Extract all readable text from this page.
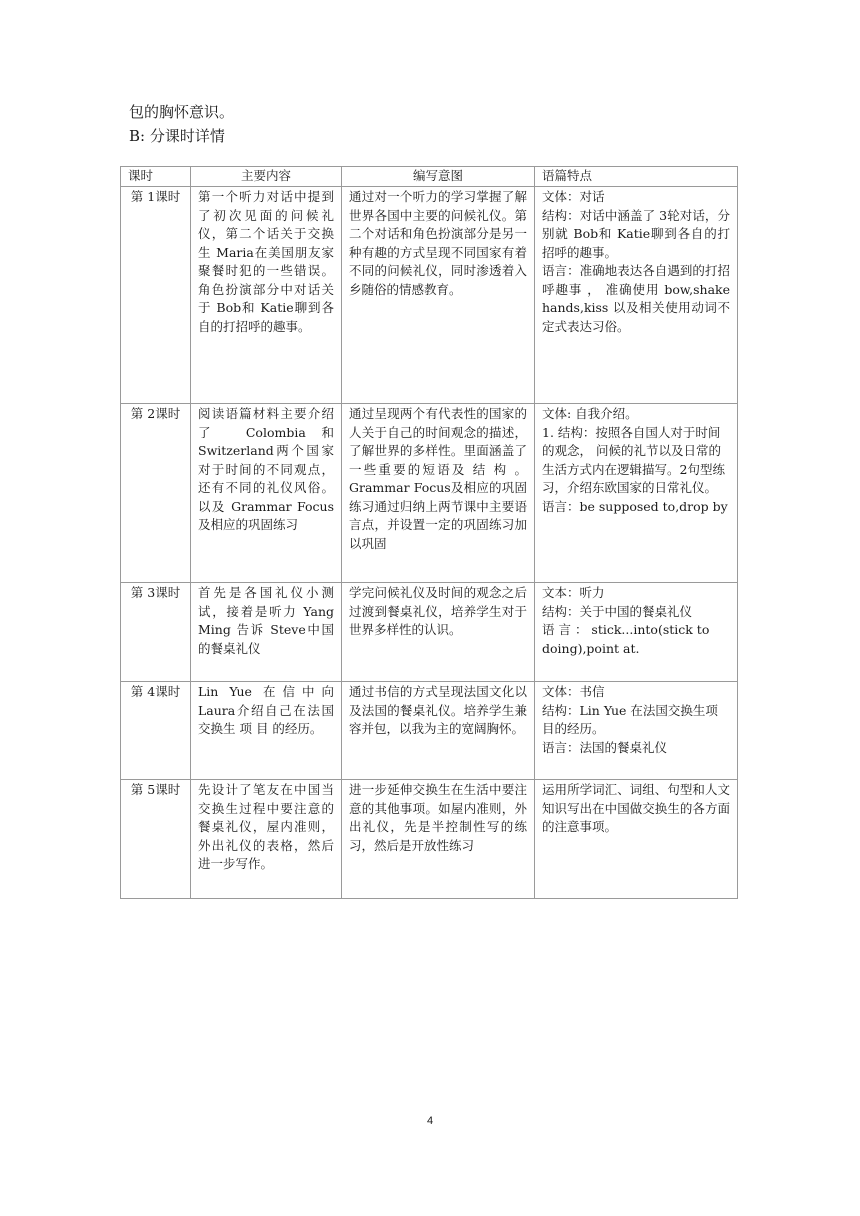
包的胸怀意识。

B: 分课时详情

课时	主要内容	编写意图	语篇特点
第 1课时	第一个听力对话中提到了初次见面的问候礼仪，第二个话关于交换生 Maria在美国朋友家聚餐时犯的一些错误。角色扮演部分中对话关于 Bob和 Katie聊到各自的打招呼的趣事。	通过对一个听力的学习掌握了解世界各国中主要的问候礼仪。第二个对话和角色扮演部分是另一种有趣的方式呈现不同国家有着不同的问候礼仪，同时渗透着入乡随俗的情感教育。	文体：对话
结构：对话中涵盖了 3轮对话，分别就 Bob和 Katie聊到各自的打招呼的趣事。
语言：准确地表达各自遇到的打招呼趣事 ， 准确使用 bow,shake hands,kiss 以及相关使用动词不定式表达习俗。

第 2课时	阅读语篇材料主要介绍了 Colombia和 Switzerland两个国家对于时间的不同观点，还有不同的礼仪风俗。以及 Grammar Focus及相应的巩固练习	通过呈现两个有代表性的国家的人关于自己的时间观念的描述，了解世界的多样性。里面涵盖了一些重要的短语及 结 构 。 Grammar Focus及相应的巩固练习通过归纳上两节课中主要语言点，并设置一定的巩固练习加以巩固	文体: 自我介绍。
1. 结构：按照各自国人对于时间的观念， 问候的礼节以及日常的生活方式内在逻辑描写。2句型练习，介绍东欧国家的日常礼仪。
语言：be supposed to,drop by

第 3课时	首先是各国礼仪小测试，接着是听力 Yang Ming 告诉 Steve中国的餐桌礼仪	学完问候礼仪及时间的观念之后过渡到餐桌礼仪，培养学生对于世界多样性的认识。	文本：听力
结构：关于中国的餐桌礼仪
语 言 ： stick...into(stick to doing),point at.

第 4课时	Lin Yue 在信中向 Laura介绍自己在法国 交换生 项 目 的经历。	通过书信的方式呈现法国文化以及法国的餐桌礼仪。培养学生兼容并包，以我为主的宽阔胸怀。	文体：书信
结构：Lin Yue 在法国交换生项目的经历。
语言：法国的餐桌礼仪

第 5课时	先设计了笔友在中国当交换生过程中要注意的餐桌礼仪，屋内准则，外出礼仪的表格，然后进一步写作。	进一步延伸交换生在生活中要注意的其他事项。如屋内准则，外出礼仪，先是半控制性写的练习，然后是开放性练习	运用所学词汇、词组、句型和人文知识写出在中国做交换生的各方面的注意事项。
4
